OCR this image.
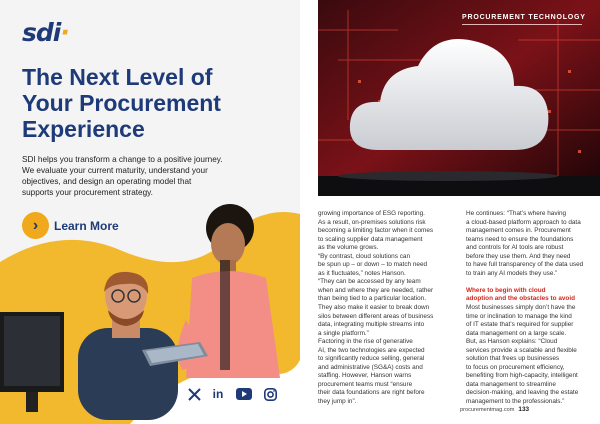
sdi·
The Next Level of
Your Procurement
Experience
SDI helps you transform a change to a positive journey.
We evaluate your current maturity, understand your
objectives, and design an operating model that
supports your procurement strategy.
›	Learn More
in
PROCUREMENT TECHNOLOGY
growing importance of ESG reporting.
As a result, on-premises solutions risk
becoming a limiting factor when it comes
to scaling supplier data management
as the volume grows.
“By contrast, cloud solutions can
be spun up – or down – to match need
as it fluctuates,” notes Hanson.
“They can be accessed by any team
when and where they are needed, rather
than being tied to a particular location.
They also make it easier to break down
silos between different areas of business
data, integrating multiple streams into
a single platform.”
Factoring in the rise of generative
AI, the two technologies are expected
to significantly reduce selling, general
and administrative (SG&A) costs and
staffing. However, Hanson warns
procurement teams must “ensure
their data foundations are right before
they jump in”.
He continues: “That’s where having
a cloud-based platform approach to data
management comes in. Procurement
teams need to ensure the foundations
and controls for AI tools are robust
before they use them. And they need
to have full transparency of the data used
to train any AI models they use.”

Where to begin with cloud
adoption and the obstacles to avoid
Most businesses simply don’t have the
time or inclination to manage the kind
of IT estate that’s required for supplier
data management on a large scale.
But, as Hanson explains: “Cloud
services provide a scalable and flexible
solution that frees up businesses
to focus on procurement efficiency,
benefiting from high-capacity, intelligent
data management to streamline
decision-making, and leaving the estate
management to the professionals.”
procurementmag.com 133
